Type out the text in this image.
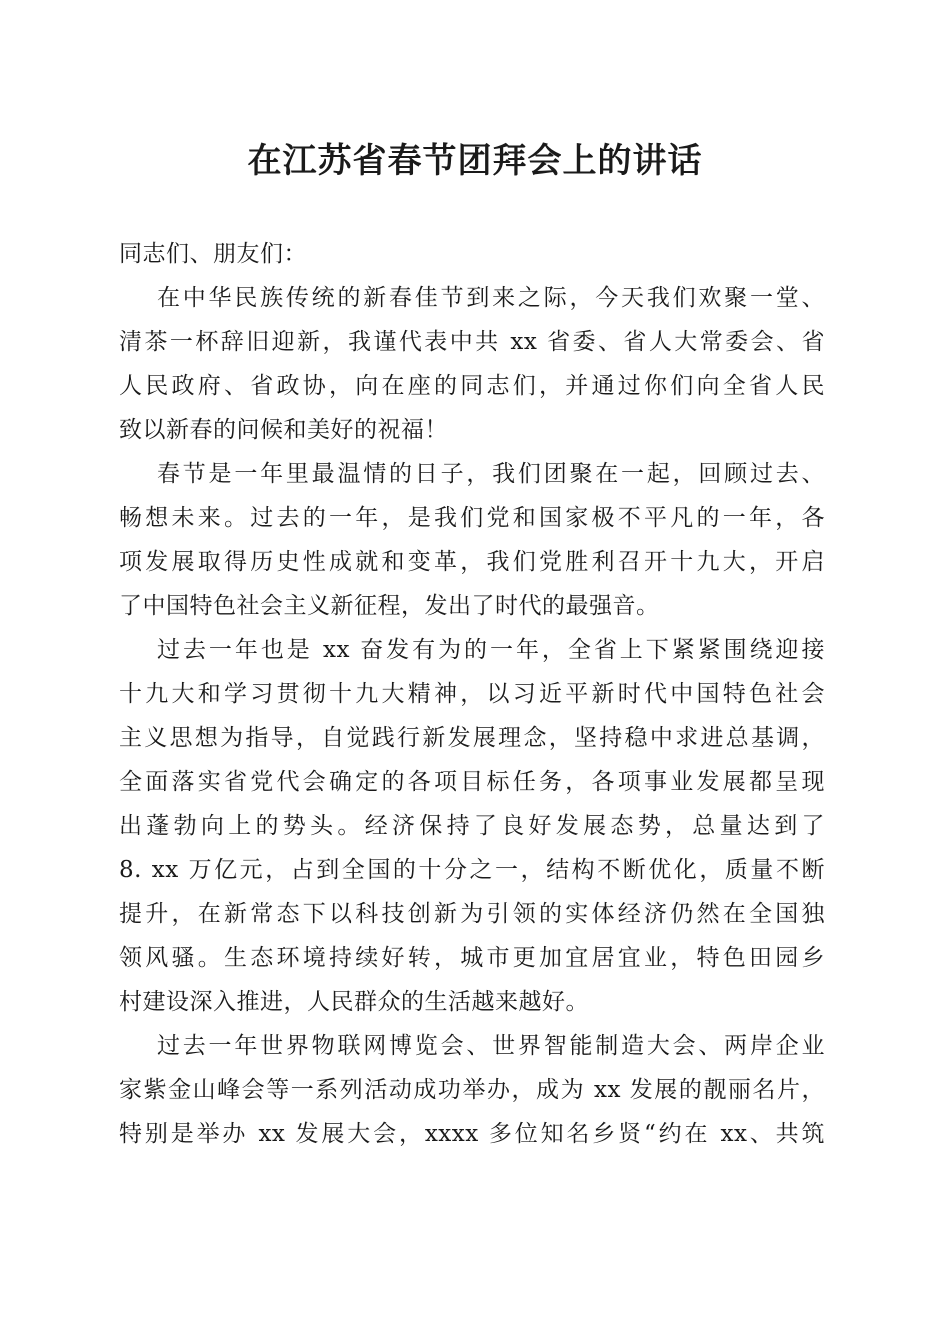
在江苏省春节团拜会上的讲话
同志们、朋友们：
在中华民族传统的新春佳节到来之际，今天我们欢聚一堂、
清茶一杯辞旧迎新，我谨代表中共 xx 省委、省人大常委会、省
人民政府、省政协，向在座的同志们，并通过你们向全省人民
致以新春的问候和美好的祝福！
春节是一年里最温情的日子，我们团聚在一起，回顾过去、
畅想未来。过去的一年，是我们党和国家极不平凡的一年，各
项发展取得历史性成就和变革，我们党胜利召开十九大，开启
了中国特色社会主义新征程，发出了时代的最强音。
过去一年也是 xx 奋发有为的一年，全省上下紧紧围绕迎接
十九大和学习贯彻十九大精神，以习近平新时代中国特色社会
主义思想为指导，自觉践行新发展理念，坚持稳中求进总基调，
全面落实省党代会确定的各项目标任务，各项事业发展都呈现
出蓬勃向上的势头。经济保持了良好发展态势，总量达到了
8. xx 万亿元，占到全国的十分之一，结构不断优化，质量不断
提升，在新常态下以科技创新为引领的实体经济仍然在全国独
领风骚。生态环境持续好转，城市更加宜居宜业，特色田园乡
村建设深入推进，人民群众的生活越来越好。
过去一年世界物联网博览会、世界智能制造大会、两岸企业
家紫金山峰会等一系列活动成功举办，成为 xx 发展的靓丽名片，
特别是举办 xx 发展大会，xxxx 多位知名乡贤“约在 xx、共筑
